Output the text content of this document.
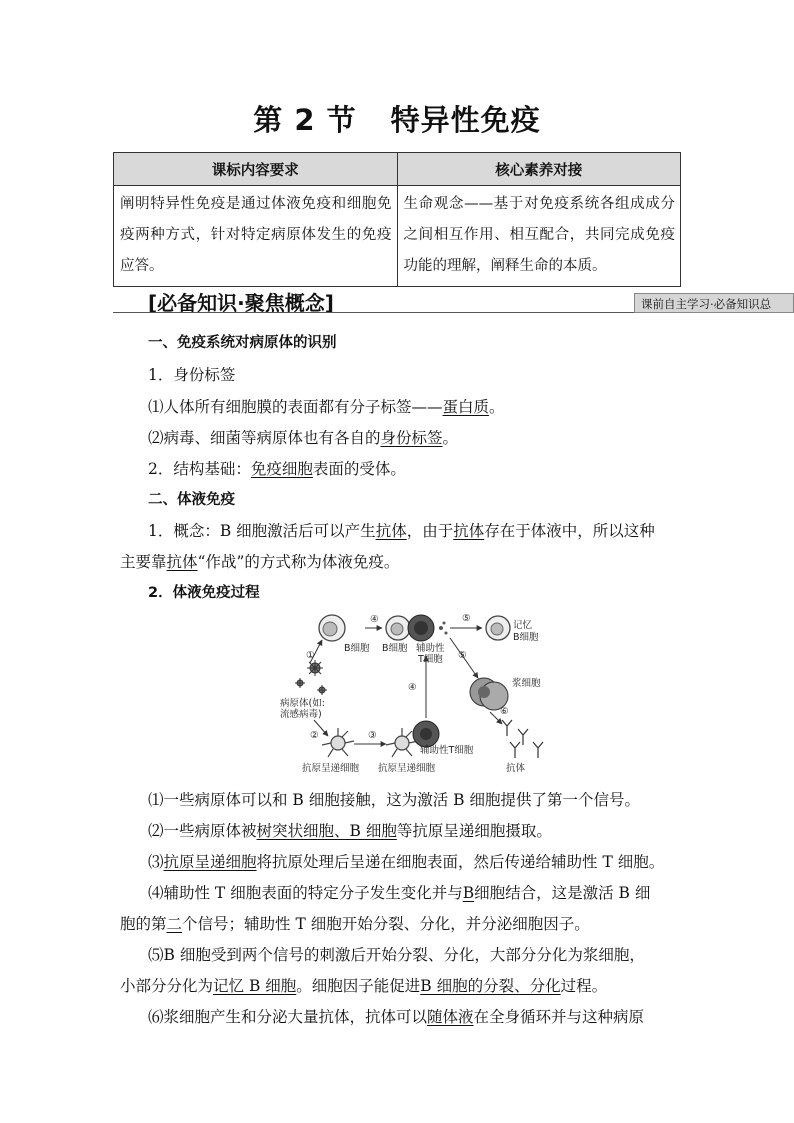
第 2 节 特异性免疫
课标内容要求	核心素养对接
阐明特异性免疫是通过体液免疫和细胞免疫两种方式，针对特定病原体发生的免疫应答。	生命观念——基于对免疫系统各组成成分之间相互作用、相互配合，共同完成免疫功能的理解，阐释生命的本质。
[必备知识·聚焦概念]	课前自主学习·必备知识总
一、免疫系统对病原体的识别
1．身份标签
⑴人体所有细胞膜的表面都有分子标签——蛋白质。
⑵病毒、细菌等病原体也有各自的身份标签。
2．结构基础：免疫细胞表面的受体。
二、体液免疫
1．概念：B 细胞激活后可以产生抗体，由于抗体存在于体液中，所以这种
主要靠抗体“作战”的方式称为体液免疫。
2．体液免疫过程
B细胞 B细胞 辅助性
T细胞
记忆
B细胞
浆细胞
病原体(如:
流感病毒)
抗原呈递细胞 抗原呈递细胞
辅助性T细胞
抗体
①
④	⑤
⑤
②	③
④
⑥
⑴一些病原体可以和 B 细胞接触，这为激活 B 细胞提供了第一个信号。
⑵一些病原体被树突状细胞、B 细胞等抗原呈递细胞摄取。
⑶抗原呈递细胞将抗原处理后呈递在细胞表面，然后传递给辅助性 T 细胞。
⑷辅助性 T 细胞表面的特定分子发生变化并与B细胞结合，这是激活 B 细
胞的第二个信号；辅助性 T 细胞开始分裂、分化，并分泌细胞因子。
⑸B 细胞受到两个信号的刺激后开始分裂、分化，大部分分化为浆细胞，
小部分分化为记忆 B 细胞。细胞因子能促进B 细胞的分裂、分化过程。
⑹浆细胞产生和分泌大量抗体，抗体可以随体液在全身循环并与这种病原
